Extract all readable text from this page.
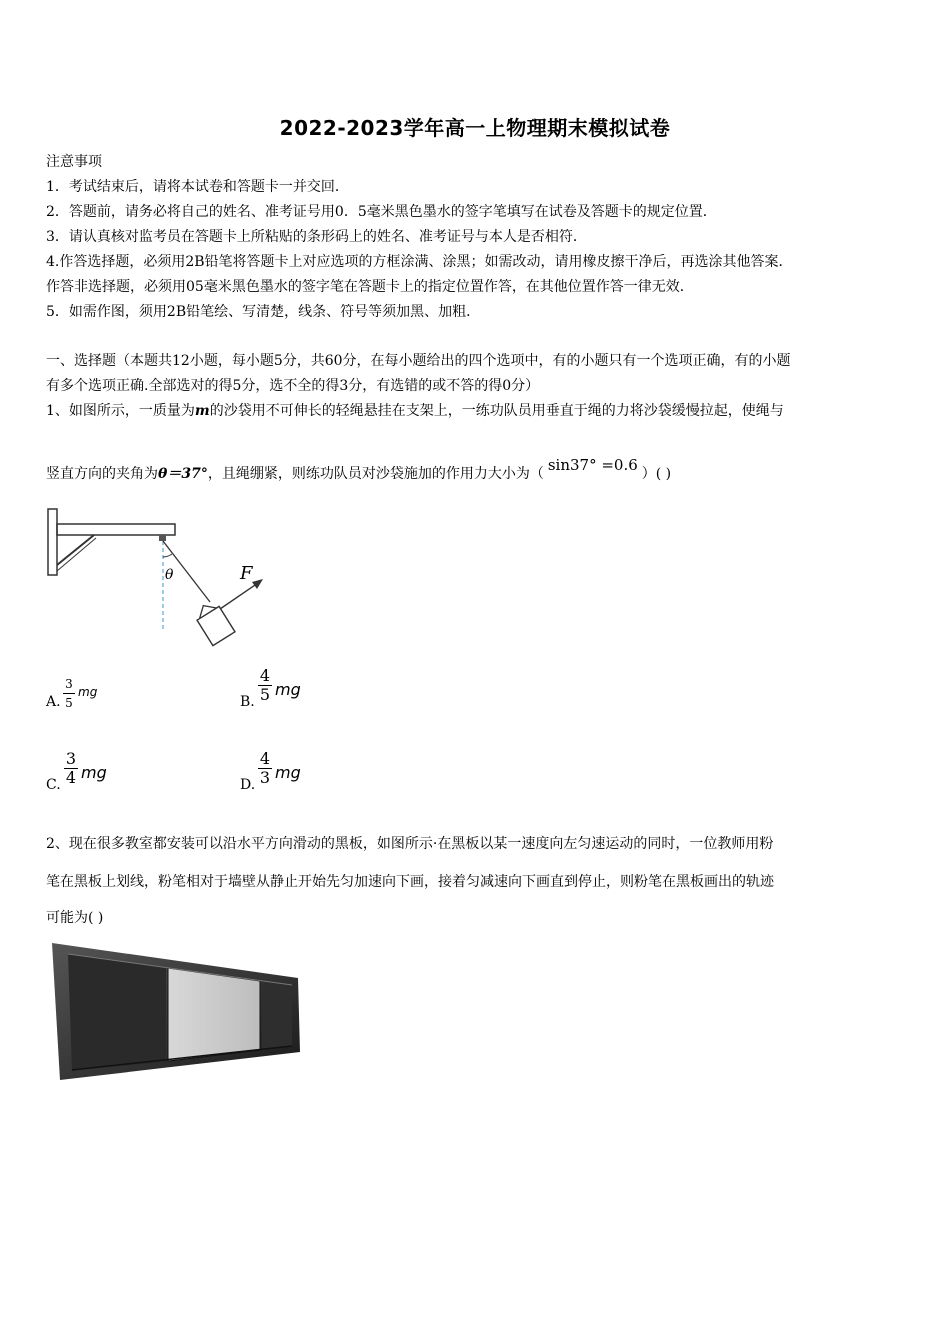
2022-2023学年高一上物理期末模拟试卷
注意事项
1．考试结束后，请将本试卷和答题卡一并交回．
2．答题前，请务必将自己的姓名、准考证号用0．5毫米黑色墨水的签字笔填写在试卷及答题卡的规定位置．
3．请认真核对监考员在答题卡上所粘贴的条形码上的姓名、准考证号与本人是否相符．
4.作答选择题，必须用2B铅笔将答题卡上对应选项的方框涂满、涂黑；如需改动，请用橡皮擦干净后，再选涂其他答案．
作答非选择题，必须用05毫米黑色墨水的签字笔在答题卡上的指定位置作答，在其他位置作答一律无效．
5．如需作图，须用2B铅笔绘、写清楚，线条、符号等须加黑、加粗．
一、选择题（本题共12小题，每小题5分，共60分，在每小题给出的四个选项中，有的小题只有一个选项正确，有的小题
有多个选项正确.全部选对的得5分，选不全的得3分，有选错的或不答的得0分）
1、如图所示，一质量为m的沙袋用不可伸长的轻绳悬挂在支架上，一练功队员用垂直于绳的力将沙袋缓慢拉起，使绳与
竖直方向的夹角为θ＝37°，且绳绷紧，则练功队员对沙袋施加的作用力大小为（ sin37° =0.6 ）( )
θ	F
A.
3
5
mg
B.
4
5 mg
C.
3
4 mg
D.
4
3 mg
2、现在很多教室都安装可以沿水平方向滑动的黑板，如图所示·在黑板以某一速度向左匀速运动的同时，一位教师用粉
笔在黑板上划线，粉笔相对于墙壁从静止开始先匀加速向下画，接着匀减速向下画直到停止，则粉笔在黑板画出的轨迹
可能为( )
